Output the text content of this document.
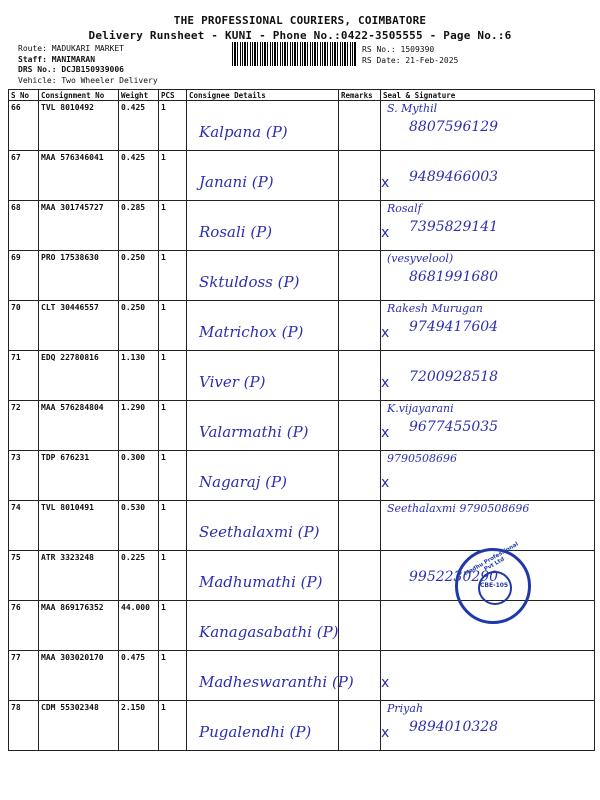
THE PROFESSIONAL COURIERS, COIMBATORE
Delivery Runsheet - KUNI - Phone No.:0422-3505555 - Page No.:6
Route: MADUKARI MARKET
Staff: MANIMARAN
DRS No.: DCJB150939006
Vehicle: Two Wheeler Delivery
RS No.: 1509390
RS Date: 21-Feb-2025
S No	Consignment No	Weight	PCS	Consignee Details	Remarks	Seal & Signature
66	TVL 8010492	0.425	1	Kalpana (P)		S. Mythil
8807596129

67	MAA 576346041	0.425	1	Janani (P)		9489466003
x

68	MAA 301745727	0.285	1	Rosali (P)		Rosalf
7395829141
x

69	PRO 17538630	0.250	1	Sktuldoss (P)		(vesyvelool)
8681991680

70	CLT 30446557	0.250	1	Matrichox (P)		Rakesh Murugan
9749417604
x

71	EDQ 22780816	1.130	1	Viver (P)		7200928518
x

72	MAA 576284804	1.290	1	Valarmathi (P)		K.vijayarani
9677455035
x

73	TDP 676231	0.300	1	Nagaraj (P)		9790508696
x

74	TVL 8010491	0.530	1	Seethalaxmi (P)		Seethalaxmi 9790508696

75	ATR 3323248	0.225	1	Madhumathi (P)		9952230290

76	MAA 869176352	44.000	1	Kanagasabathi (P)		

77	MAA 303020170	0.475	1	Madheswaranthi (P)		x

78	CDM 55302348	2.150	1	Pugalendhi (P)		Priyah
9894010328
x
Madhu Professional Pvt Ltd
CBE-105
